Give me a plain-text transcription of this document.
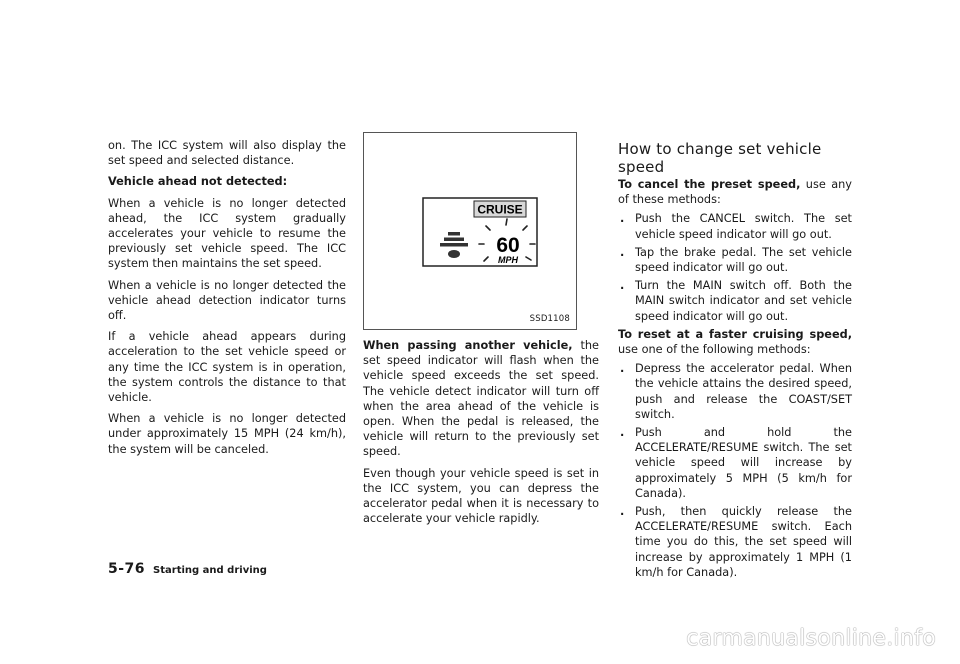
on. The ICC system will also display the set speed and selected distance.

Vehicle ahead not detected:

When a vehicle is no longer detected ahead, the ICC system gradually accelerates your vehicle to resume the previously set vehicle speed. The ICC system then maintains the set speed.

When a vehicle is no longer detected the vehicle ahead detection indicator turns off.

If a vehicle ahead appears during acceleration to the set vehicle speed or any time the ICC system is in operation, the system controls the distance to that vehicle.

When a vehicle is no longer detected under approximately 15 MPH (24 km/h), the system will be canceled.

CRUISE
60
MPH
SSD1108

When passing another vehicle, the set speed indicator will flash when the vehicle speed exceeds the set speed. The vehicle detect indicator will turn off when the area ahead of the vehicle is open. When the pedal is released, the vehicle will return to the previously set speed.

Even though your vehicle speed is set in the ICC system, you can depress the accelerator pedal when it is necessary to accelerate your vehicle rapidly.

How to change set vehicle speed

To cancel the preset speed, use any of these methods:

. Push the CANCEL switch. The set vehicle speed indicator will go out.
. Tap the brake pedal. The set vehicle speed indicator will go out.
. Turn the MAIN switch off. Both the MAIN switch indicator and set vehicle speed indicator will go out.

To reset at a faster cruising speed, use one of the following methods:

. Depress the accelerator pedal. When the vehicle attains the desired speed, push and release the COAST/SET switch.
. Push and hold the ACCELERATE/RESUME switch. The set vehicle speed will increase by approximately 5 MPH (5 km/h for Canada).
. Push, then quickly release the ACCELERATE/RESUME switch. Each time you do this, the set speed will increase by approximately 1 MPH (1 km/h for Canada).
5-76 Starting and driving
carmanualsonline.info
